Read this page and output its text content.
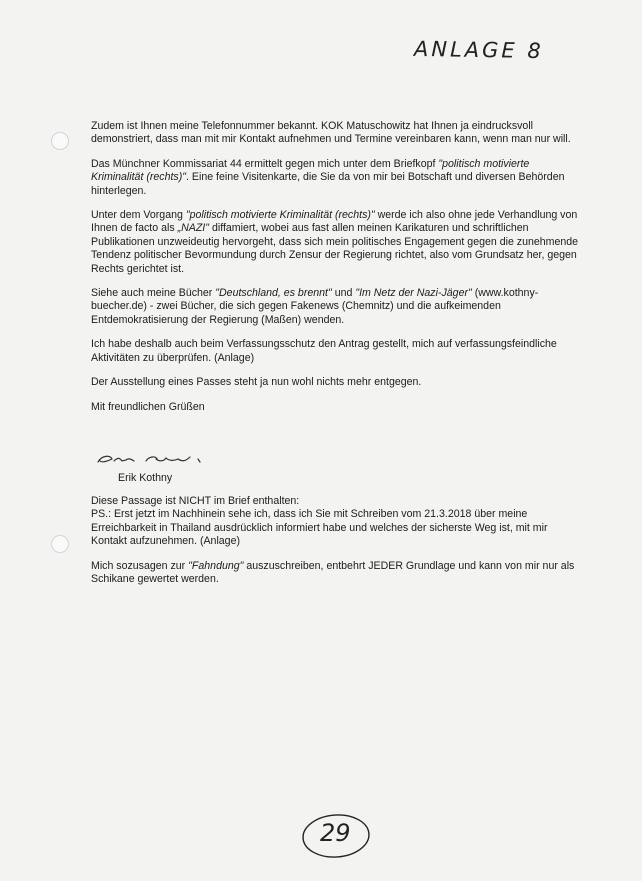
ANLAGE 8

Zudem ist Ihnen meine Telefonnummer bekannt. KOK Matuschowitz hat Ihnen ja eindrucksvoll demonstriert, dass man mit mir Kontakt aufnehmen und Termine vereinbaren kann, wenn man nur will.

Das Münchner Kommissariat 44 ermittelt gegen mich unter dem Briefkopf "politisch motivierte Kriminalität (rechts)". Eine feine Visitenkarte, die Sie da von mir bei Botschaft und diversen Behörden hinterlegen.

Unter dem Vorgang "politisch motivierte Kriminalität (rechts)" werde ich also ohne jede Verhandlung von Ihnen de facto als „NAZI" diffamiert, wobei aus fast allen meinen Karikaturen und schriftlichen Publikationen unzweideutig hervorgeht, dass sich mein politisches Engagement gegen die zunehmende Tendenz politischer Bevormundung durch Zensur der Regierung richtet, also vom Grundsatz her, gegen Rechts gerichtet ist.

Siehe auch meine Bücher "Deutschland, es brennt" und "Im Netz der Nazi-Jäger" (www.kothny-buecher.de) - zwei Bücher, die sich gegen Fakenews (Chemnitz) und die aufkeimenden Entdemokratisierung der Regierung (Maßen) wenden.

Ich habe deshalb auch beim Verfassungsschutz den Antrag gestellt, mich auf verfassungsfeindliche Aktivitäten zu überprüfen. (Anlage)

Der Ausstellung eines Passes steht ja nun wohl nichts mehr entgegen.

Mit freundlichen Grüßen

Erik Kothny
Diese Passage ist NICHT im Brief enthalten:

PS.: Erst jetzt im Nachhinein sehe ich, dass ich Sie mit Schreiben vom 21.3.2018 über meine Erreichbarkeit in Thailand ausdrücklich informiert habe und welches der sicherste Weg ist, mit mir Kontakt aufzunehmen. (Anlage)

Mich sozusagen zur "Fahndung" auszuschreiben, entbehrt JEDER Grundlage und kann von mir nur als Schikane gewertet werden.

29
